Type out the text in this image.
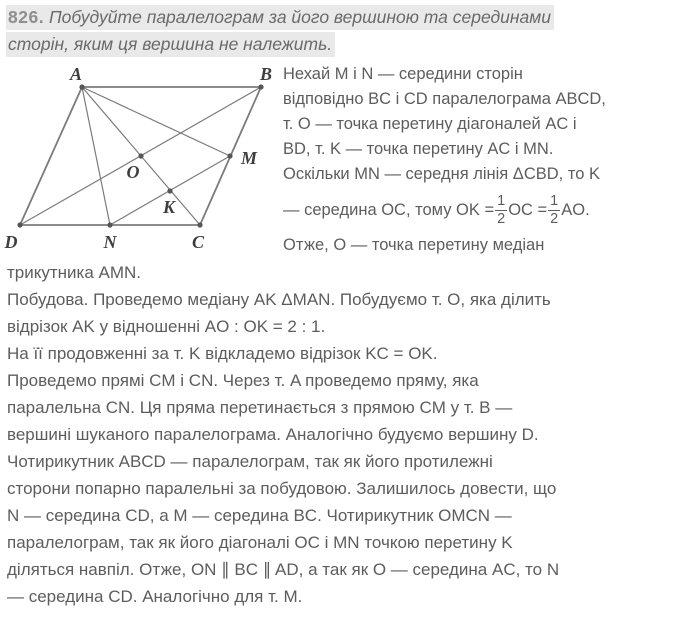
826. Побудуйте паралелограм за його вершиною та серединами
сторін, яким ця вершина не належить.
A	B
C
D
M
N
O
K
Нехай M і N — середини сторін
відповідно BC і CD паралелограма ABCD,
т. O — точка перетину діагоналей AC і
BD, т. K — точка перетину AC і MN.
Оскільки MN — середня лінія ΔCBD, то K
— середина OC, тому OK = $\frac{1}{2}$ OC = $\frac{1}{2}$ AO.
Отже, O — точка перетину медіан
трикутника AMN.
Побудова. Проведемо медіану AK ΔMAN. Побудуємо т. O, яка ділить
відрізок AK у відношенні AO : OK = 2 : 1.
На її продовженні за т. K відкладемо відрізок KC = OK.
Проведемо прямі CM і CN. Через т. A проведемо пряму, яка
паралельна CN. Ця пряма перетинається з прямою CM у т. B —
вершині шуканого паралелограма. Аналогічно будуємо вершину D.
Чотирикутник ABCD — паралелограм, так як його протилежні
сторони попарно паралельні за побудовою. Залишилось довести, що
N — середина CD, а M — середина BC. Чотирикутник OMCN —
паралелограм, так як його діагоналі OC і MN точкою перетину K
діляться навпіл. Отже, ON ∥ BC ∥ AD, а так як O — середина AC, то N
— середина CD. Аналогічно для т. M.
